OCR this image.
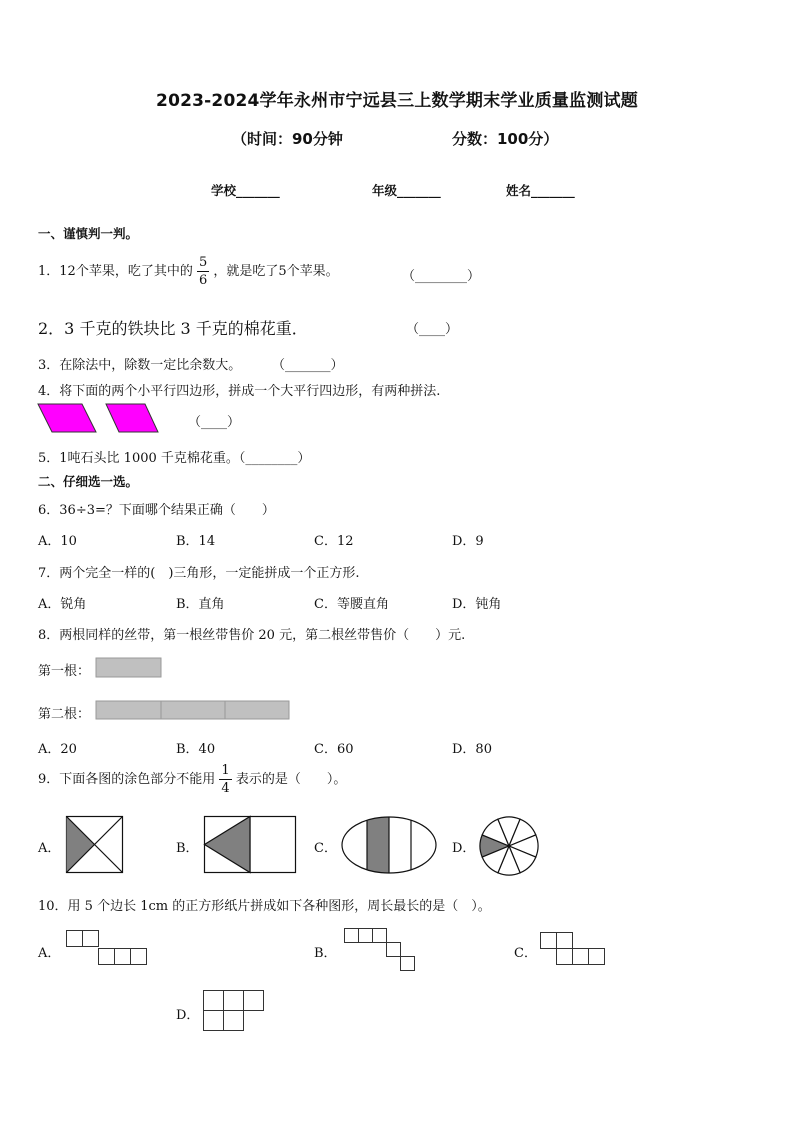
2023-2024学年永州市宁远县三上数学期末学业质量监测试题
（时间：90分钟	分数：100分）
学校_______	年级_______	姓名_______
一、谨慎判一判。
1．12个苹果，吃了其中的 $\frac{5}{6}$ ，就是吃了5个苹果。	（________）
2．3 千克的铁块比 3 千克的棉花重．	（____）
3．在除法中，除数一定比余数大。 （_______）
4．将下面的两个小平行四边形，拼成一个大平行四边形，有两种拼法.
（____）
5．1吨石头比 1000 千克棉花重。（________）
二、仔细选一选。
6．36÷3=？下面哪个结果正确（　　）
A．10	B．14	C．12	D．9
7．两个完全一样的(　)三角形，一定能拼成一个正方形.
A．锐角	B．直角	C．等腰直角	D．钝角
8．两根同样的丝带，第一根丝带售价 20 元，第二根丝带售价（　　）元.
第一根：
第二根：
A．20	B．40	C．60	D．80
9．下面各图的涂色部分不能用 $\frac{1}{4}$ 表示的是（　　）。
A．	B．	C．	D．
10．用 5 个边长 1cm 的正方形纸片拼成如下各种图形，周长最长的是（　）。
A．	B．	C．
D．
